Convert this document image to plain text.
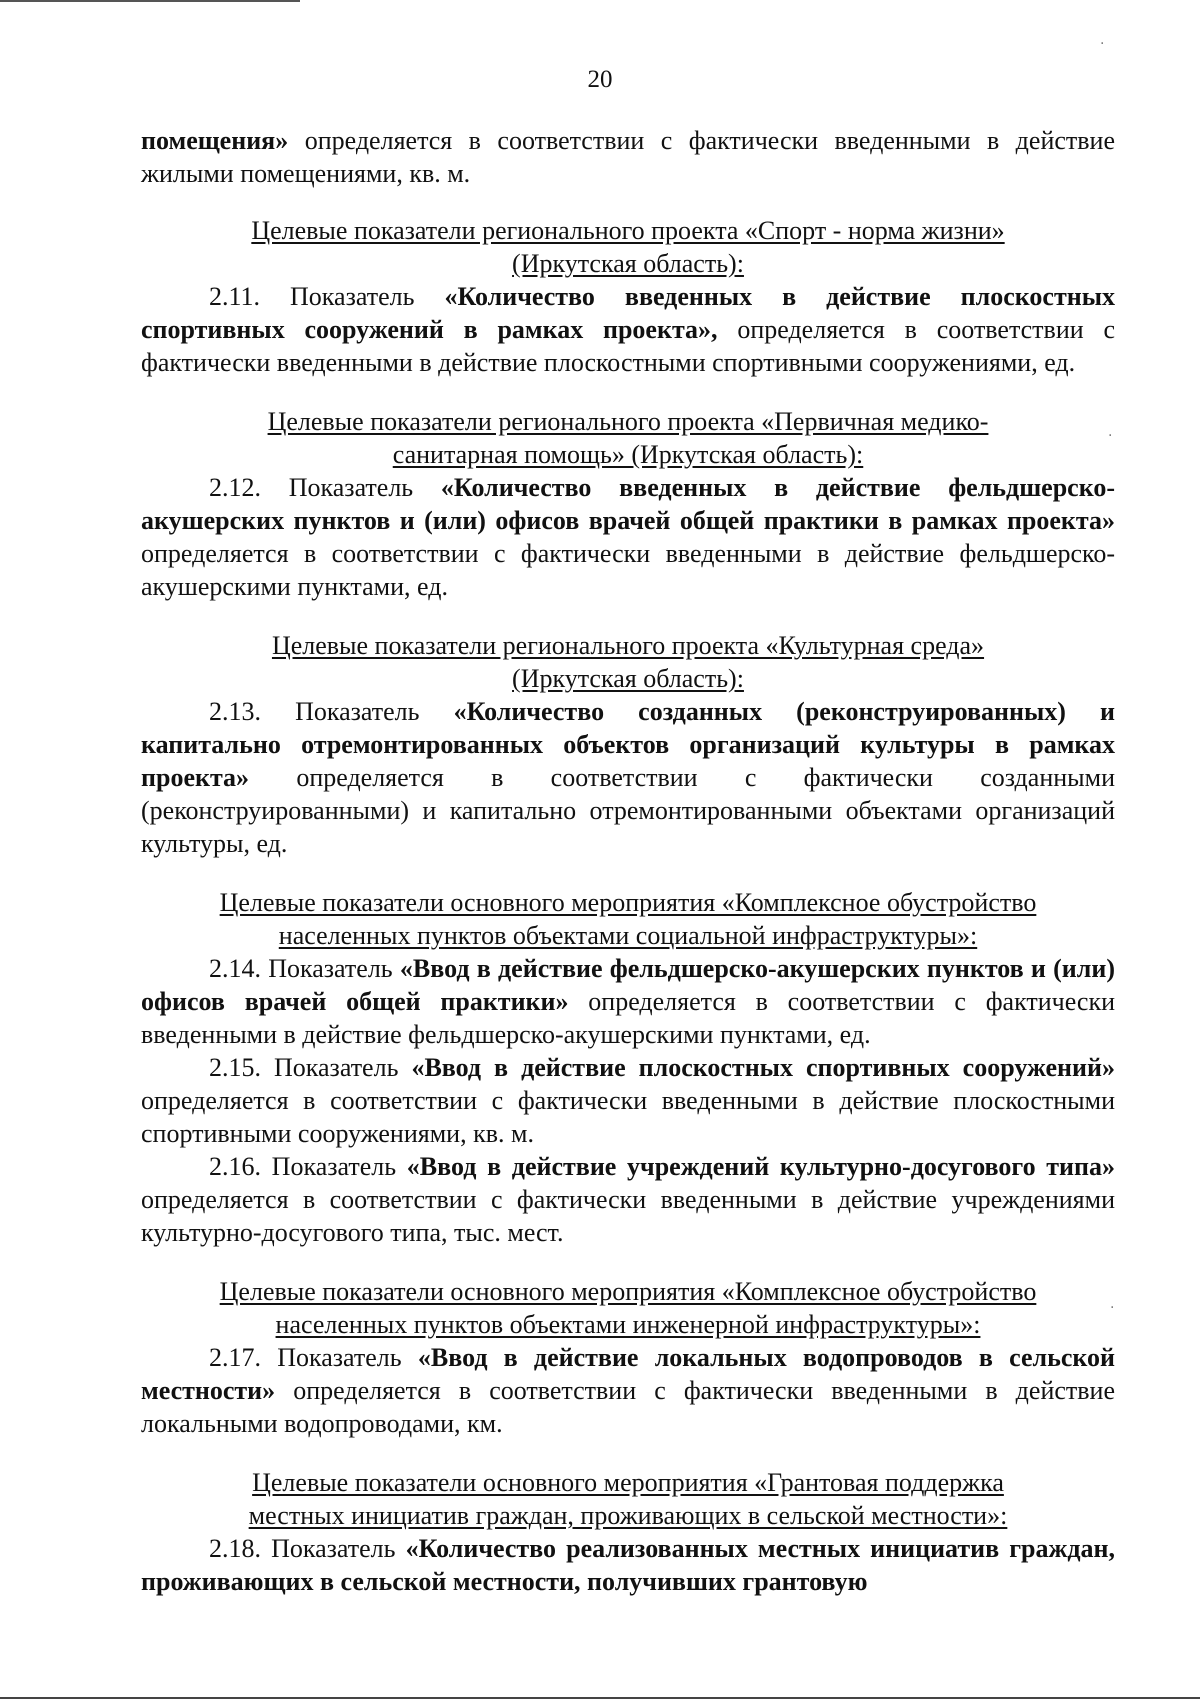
20

помещения» определяется в соответствии с фактически введенными в действие жилыми помещениями, кв. м.

Целевые показатели регионального проекта «Спорт - норма жизни»
(Иркутская область):

2.11. Показатель «Количество введенных в действие плоскостных спортивных сооружений в рамках проекта», определяется в соответствии с фактически введенными в действие плоскостными спортивными сооружениями, ед.

Целевые показатели регионального проекта «Первичная медико-
санитарная помощь» (Иркутская область):

2.12. Показатель «Количество введенных в действие фельдшерско-акушерских пунктов и (или) офисов врачей общей практики в рамках проекта» определяется в соответствии с фактически введенными в действие фельдшерско-акушерскими пунктами, ед.

Целевые показатели регионального проекта «Культурная среда»
(Иркутская область):

2.13. Показатель «Количество созданных (реконструированных) и капитально отремонтированных объектов организаций культуры в рамках проекта» определяется в соответствии с фактически созданными (реконструированными) и капитально отремонтированными объектами организаций культуры, ед.

Целевые показатели основного мероприятия «Комплексное обустройство
населенных пунктов объектами социальной инфраструктуры»:

2.14. Показатель «Ввод в действие фельдшерско-акушерских пунктов и (или) офисов врачей общей практики» определяется в соответствии с фактически введенными в действие фельдшерско-акушерскими пунктами, ед.

2.15. Показатель «Ввод в действие плоскостных спортивных сооружений» определяется в соответствии с фактически введенными в действие плоскостными спортивными сооружениями, кв. м.

2.16. Показатель «Ввод в действие учреждений культурно-досугового типа» определяется в соответствии с фактически введенными в действие учреждениями культурно-досугового типа, тыс. мест.

Целевые показатели основного мероприятия «Комплексное обустройство
населенных пунктов объектами инженерной инфраструктуры»:

2.17. Показатель «Ввод в действие локальных водопроводов в сельской местности» определяется в соответствии с фактически введенными в действие локальными водопроводами, км.

Целевые показатели основного мероприятия «Грантовая поддержка
местных инициатив граждан, проживающих в сельской местности»:

2.18. Показатель «Количество реализованных местных инициатив граждан, проживающих в сельской местности, получивших грантовую

·
·
·
